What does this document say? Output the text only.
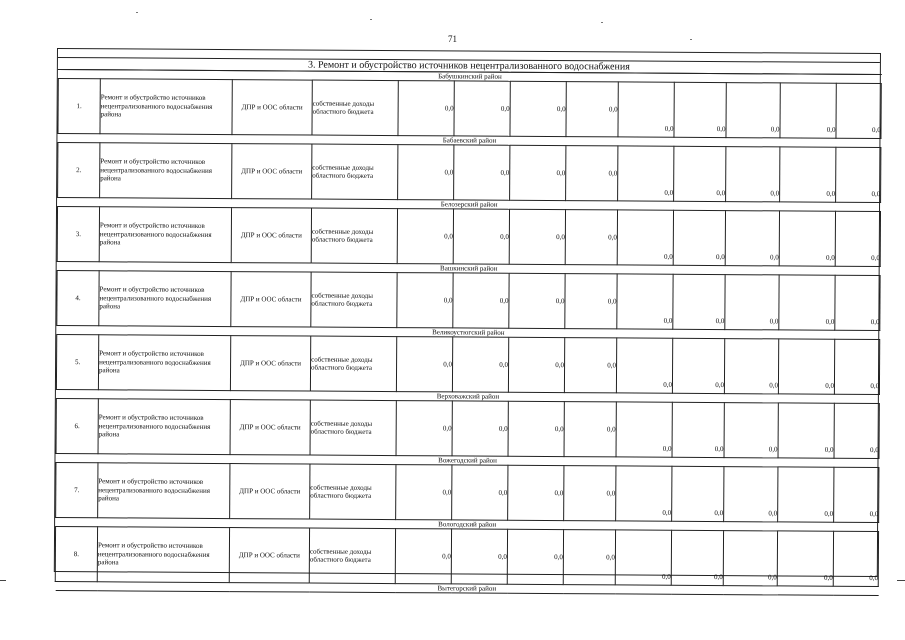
71
3. Ремонт и обустройство источников нецентрализованного водоснабжения
Бабушкинский район												
1.	Ремонт и обустройство источников нецентрализованного водоснабжения района	ДПР и ООС области	собственные доходы областного бюджета	0,0	0,0	0,0	0,0	0,0	0,0	0,0	0,0	0,0
Бабаевский район												
2.	Ремонт и обустройство источников нецентрализованного водоснабжения района	ДПР и ООС области	собственные доходы областного бюджета	0,0	0,0	0,0	0,0	0,0	0,0	0,0	0,0	0,0
Белозерский район												
3.	Ремонт и обустройство источников нецентрализованного водоснабжения района	ДПР и ООС области	собственные доходы областного бюджета	0,0	0,0	0,0	0,0	0,0	0,0	0,0	0,0	0,0
Вашкинский район												
4.	Ремонт и обустройство источников нецентрализованного водоснабжения района	ДПР и ООС области	собственные доходы областного бюджета	0,0	0,0	0,0	0,0	0,0	0,0	0,0	0,0	0,0
Великоустюгский район												
5.	Ремонт и обустройство источников нецентрализованного водоснабжения района	ДПР и ООС области	собственные доходы областного бюджета	0,0	0,0	0,0	0,0	0,0	0,0	0,0	0,0	0,0
Верховажский район												
6.	Ремонт и обустройство источников нецентрализованного водоснабжения района	ДПР и ООС области	собственные доходы областного бюджета	0,0	0,0	0,0	0,0	0,0	0,0	0,0	0,0	0,0
Вожегодский район												
7.	Ремонт и обустройство источников нецентрализованного водоснабжения района	ДПР и ООС области	собственные доходы областного бюджета	0,0	0,0	0,0	0,0	0,0	0,0	0,0	0,0	0,0
Вологодский район												
8.	Ремонт и обустройство источников нецентрализованного водоснабжения района	ДПР и ООС области	собственные доходы областного бюджета	0,0	0,0	0,0	0,0	0,0	0,0	0,0	0,0	0,0
Вытегорский район												
